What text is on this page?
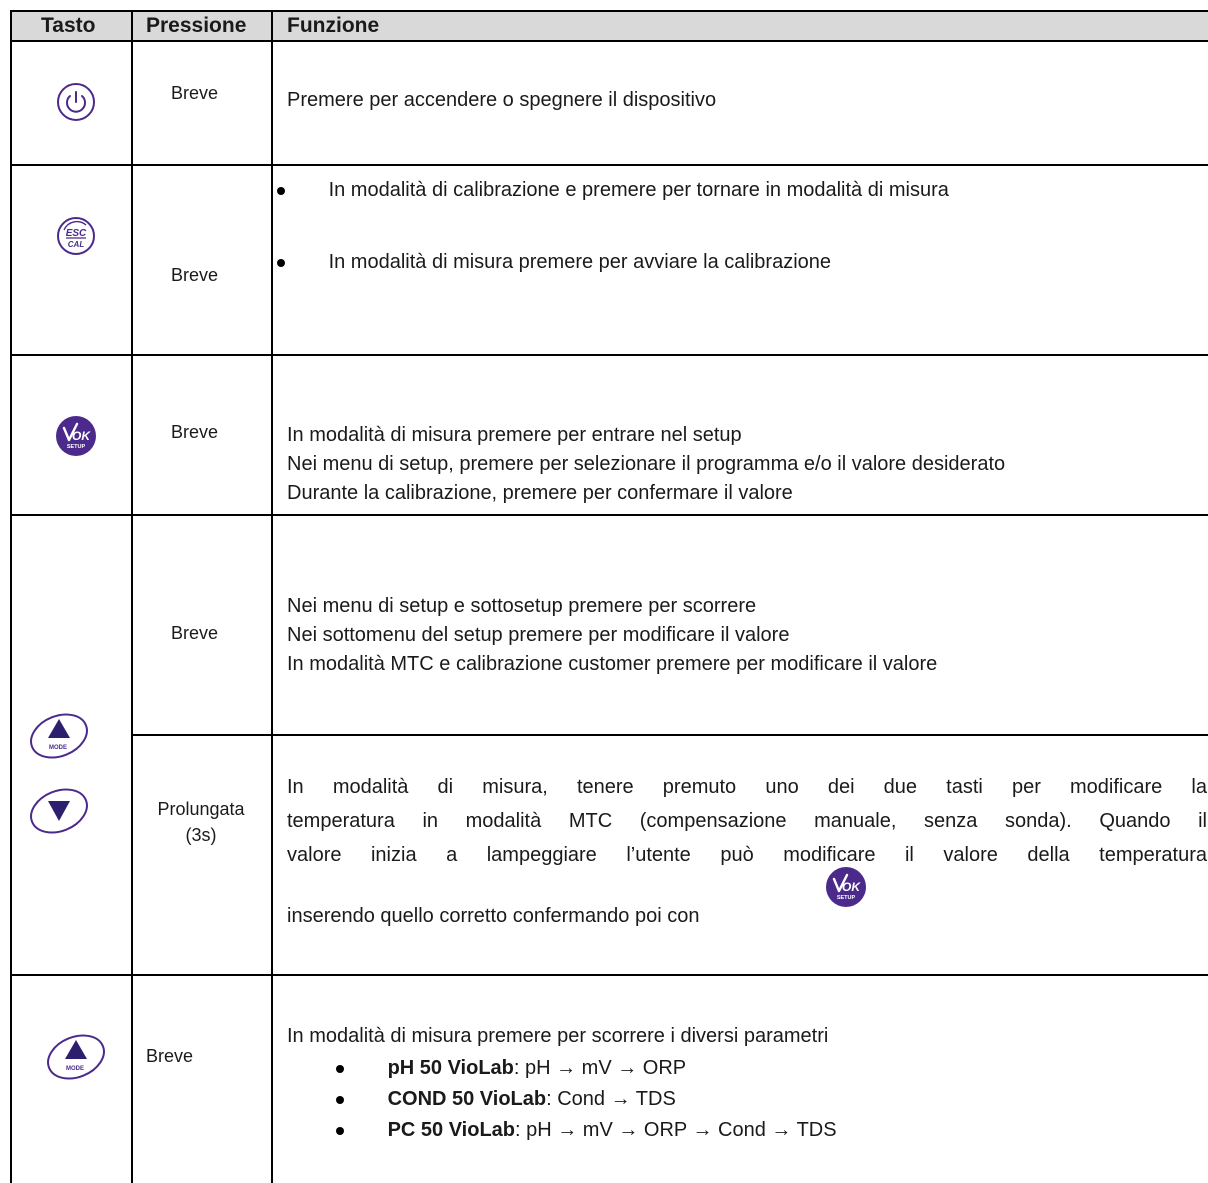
Tasto Pressione Funzione
Breve	Premere per accendere o spegnere il dispositivo
ESC
CAL
Breve
In modalità di calibrazione e premere per tornare in modalità di misura
In modalità di misura premere per avviare la calibrazione
OK
SETUP
Breve	In modalità di misura premere per entrare nel setup
Nei menu di setup, premere per selezionare il programma e/o il valore desiderato
Durante la calibrazione, premere per confermare il valore
MODE
Breve
Nei menu di setup e sottosetup premere per scorrere
Nei sottomenu del setup premere per modificare il valore
In modalità MTC e calibrazione customer premere per modificare il valore
Prolungata
(3s)
In modalità di misura, tenere premuto uno dei due tasti per modificare la
temperatura in modalità MTC (compensazione manuale, senza sonda). Quando il
valore inizia a lampeggiare l’utente può modificare il valore della temperatura
inserendo quello corretto confermando poi con
OK
SETUP
MODE
Breve
In modalità di misura premere per scorrere i diversi parametri
pH 50 VioLab: pH → mV → ORP
COND 50 VioLab: Cond → TDS
PC 50 VioLab: pH → mV → ORP → Cond → TDS
